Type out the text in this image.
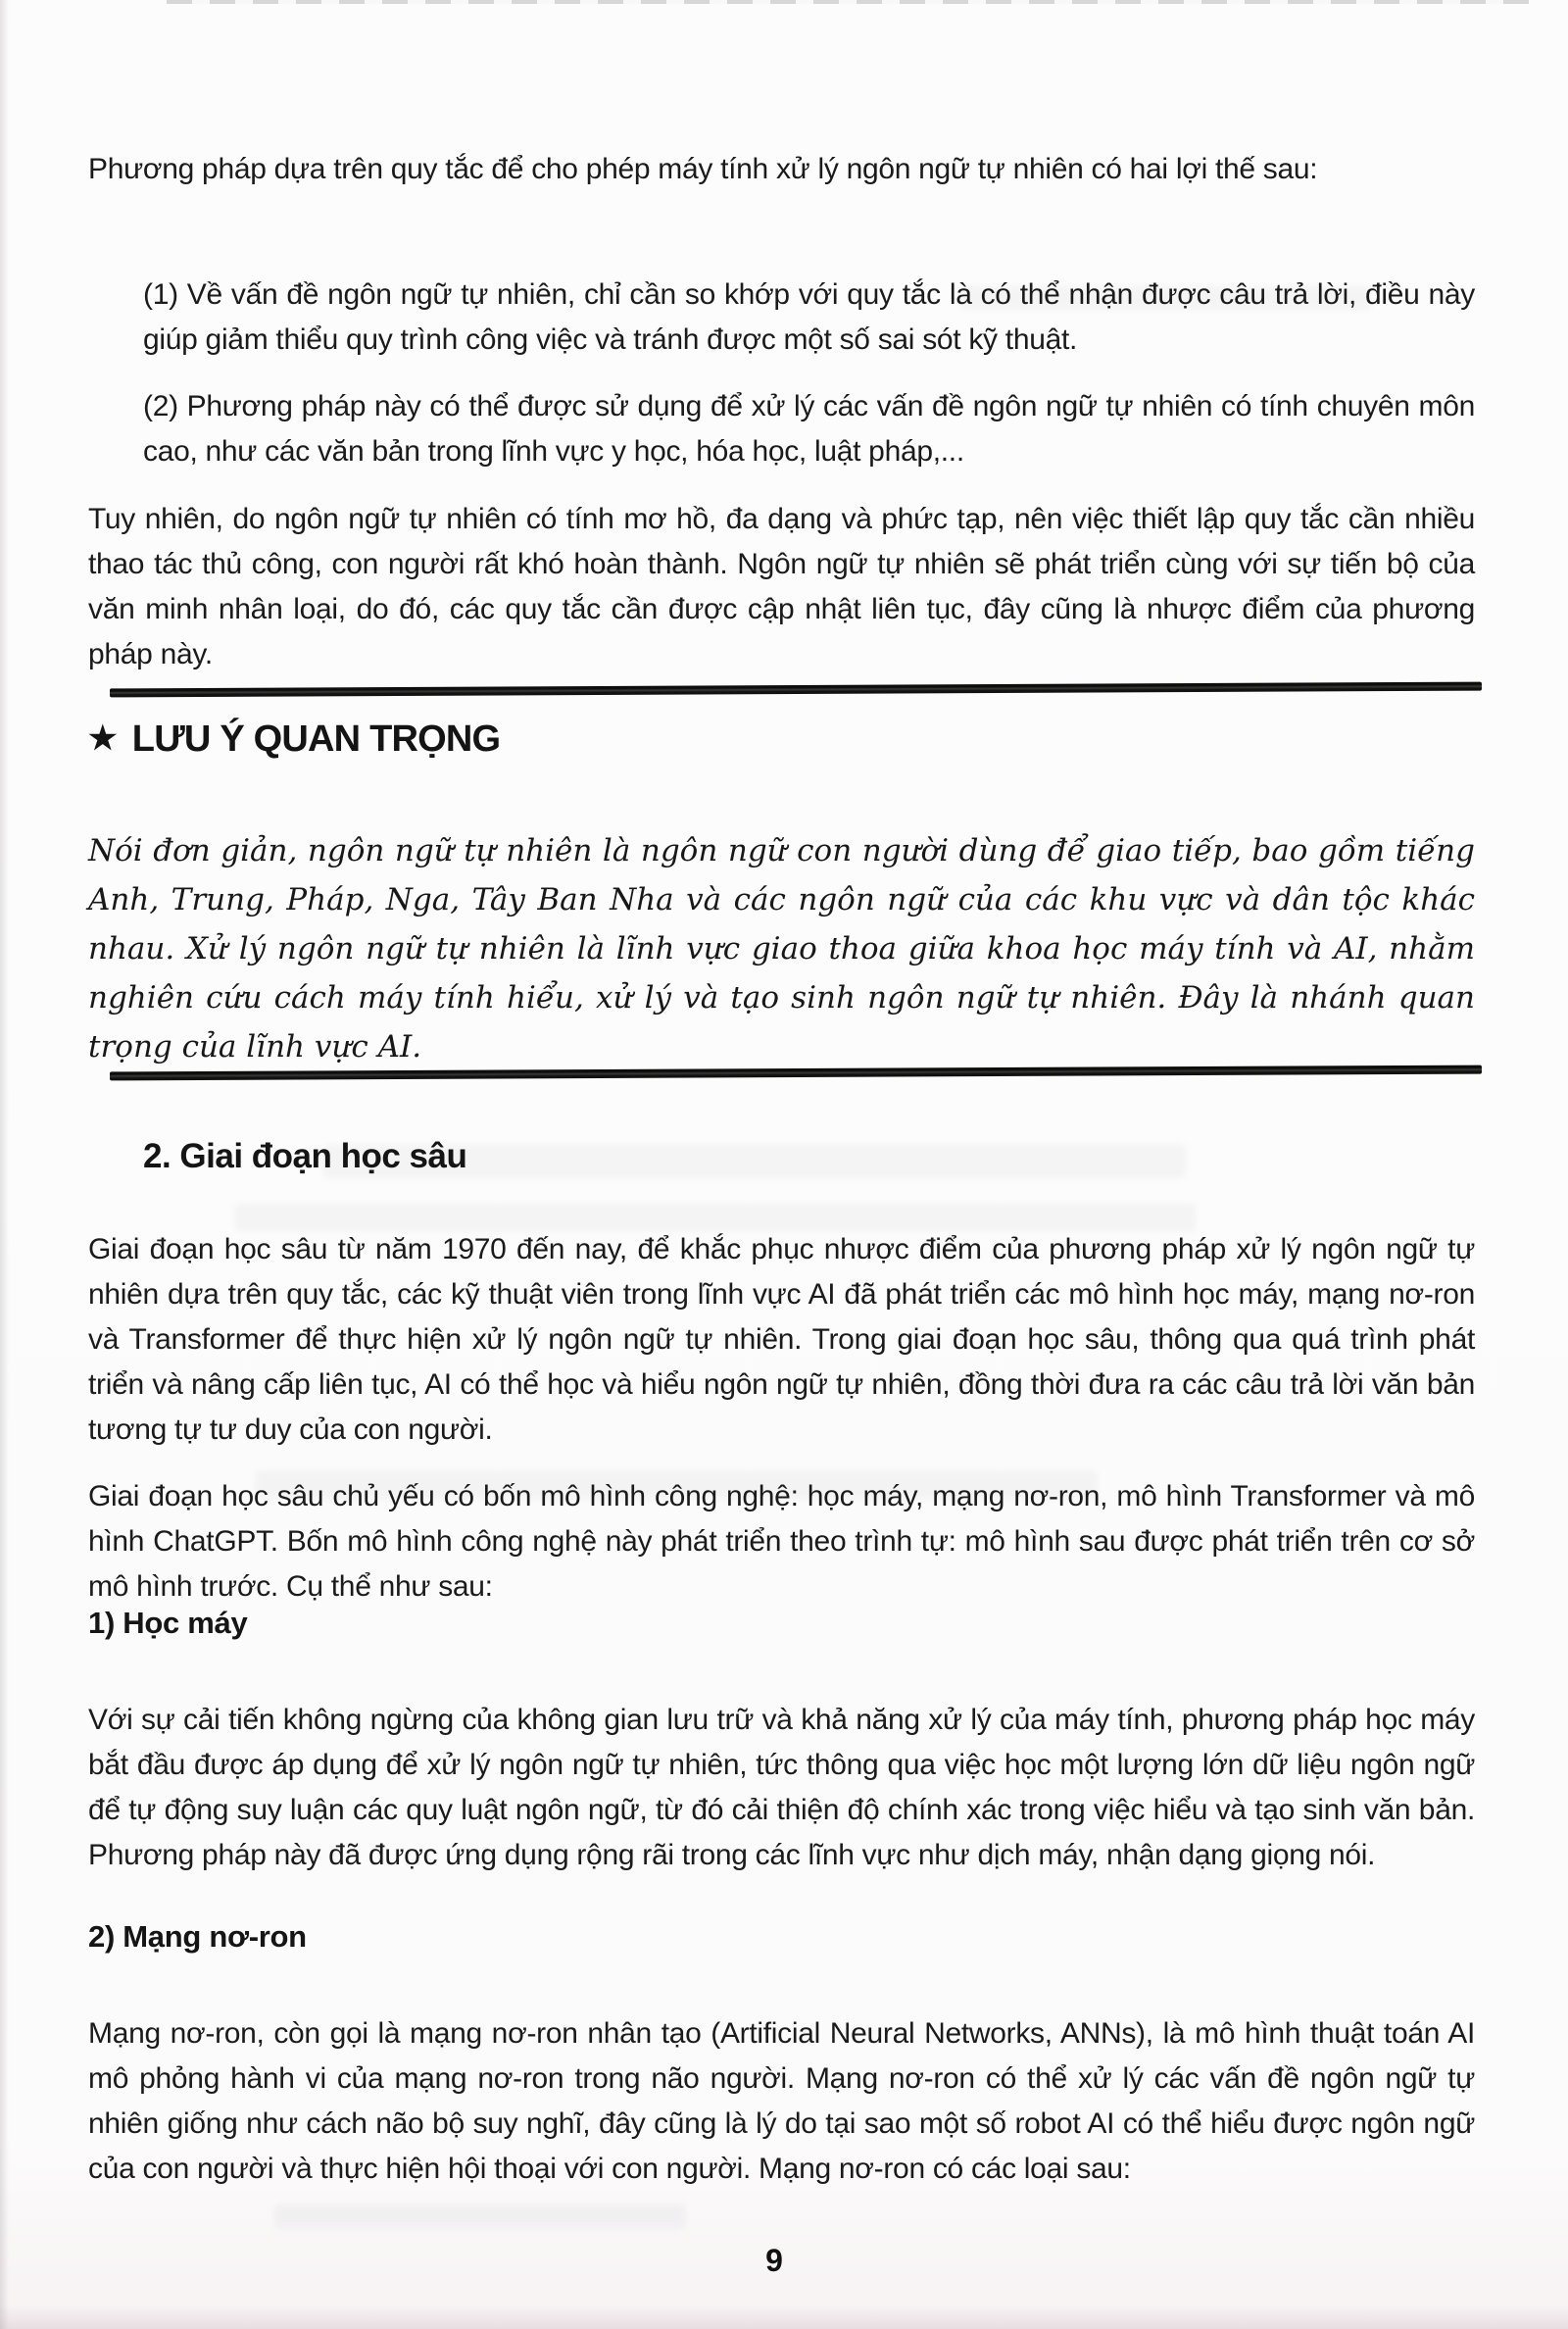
Phương pháp dựa trên quy tắc để cho phép máy tính xử lý ngôn ngữ tự nhiên có hai lợi thế sau:

(1) Về vấn đề ngôn ngữ tự nhiên, chỉ cần so khớp với quy tắc là có thể nhận được câu trả lời, điều này giúp giảm thiểu quy trình công việc và tránh được một số sai sót kỹ thuật.

(2) Phương pháp này có thể được sử dụng để xử lý các vấn đề ngôn ngữ tự nhiên có tính chuyên môn cao, như các văn bản trong lĩnh vực y học, hóa học, luật pháp,...

Tuy nhiên, do ngôn ngữ tự nhiên có tính mơ hồ, đa dạng và phức tạp, nên việc thiết lập quy tắc cần nhiều thao tác thủ công, con người rất khó hoàn thành. Ngôn ngữ tự nhiên sẽ phát triển cùng với sự tiến bộ của văn minh nhân loại, do đó, các quy tắc cần được cập nhật liên tục, đây cũng là nhược điểm của phương pháp này.

★ LƯU Ý QUAN TRỌNG

Nói đơn giản, ngôn ngữ tự nhiên là ngôn ngữ con người dùng để giao tiếp, bao gồm tiếng Anh, Trung, Pháp, Nga, Tây Ban Nha và các ngôn ngữ của các khu vực và dân tộc khác nhau. Xử lý ngôn ngữ tự nhiên là lĩnh vực giao thoa giữa khoa học máy tính và AI, nhằm nghiên cứu cách máy tính hiểu, xử lý và tạo sinh ngôn ngữ tự nhiên. Đây là nhánh quan trọng của lĩnh vực AI.

2. Giai đoạn học sâu

Giai đoạn học sâu từ năm 1970 đến nay, để khắc phục nhược điểm của phương pháp xử lý ngôn ngữ tự nhiên dựa trên quy tắc, các kỹ thuật viên trong lĩnh vực AI đã phát triển các mô hình học máy, mạng nơ-ron và Transformer để thực hiện xử lý ngôn ngữ tự nhiên. Trong giai đoạn học sâu, thông qua quá trình phát triển và nâng cấp liên tục, AI có thể học và hiểu ngôn ngữ tự nhiên, đồng thời đưa ra các câu trả lời văn bản tương tự tư duy của con người.

Giai đoạn học sâu chủ yếu có bốn mô hình công nghệ: học máy, mạng nơ-ron, mô hình Transformer và mô hình ChatGPT. Bốn mô hình công nghệ này phát triển theo trình tự: mô hình sau được phát triển trên cơ sở mô hình trước. Cụ thể như sau:

1) Học máy

Với sự cải tiến không ngừng của không gian lưu trữ và khả năng xử lý của máy tính, phương pháp học máy bắt đầu được áp dụng để xử lý ngôn ngữ tự nhiên, tức thông qua việc học một lượng lớn dữ liệu ngôn ngữ để tự động suy luận các quy luật ngôn ngữ, từ đó cải thiện độ chính xác trong việc hiểu và tạo sinh văn bản. Phương pháp này đã được ứng dụng rộng rãi trong các lĩnh vực như dịch máy, nhận dạng giọng nói.

2) Mạng nơ-ron

Mạng nơ-ron, còn gọi là mạng nơ-ron nhân tạo (Artificial Neural Networks, ANNs), là mô hình thuật toán AI mô phỏng hành vi của mạng nơ-ron trong não người. Mạng nơ-ron có thể xử lý các vấn đề ngôn ngữ tự nhiên giống như cách não bộ suy nghĩ, đây cũng là lý do tại sao một số robot AI có thể hiểu được ngôn ngữ của con người và thực hiện hội thoại với con người. Mạng nơ-ron có các loại sau:

9
